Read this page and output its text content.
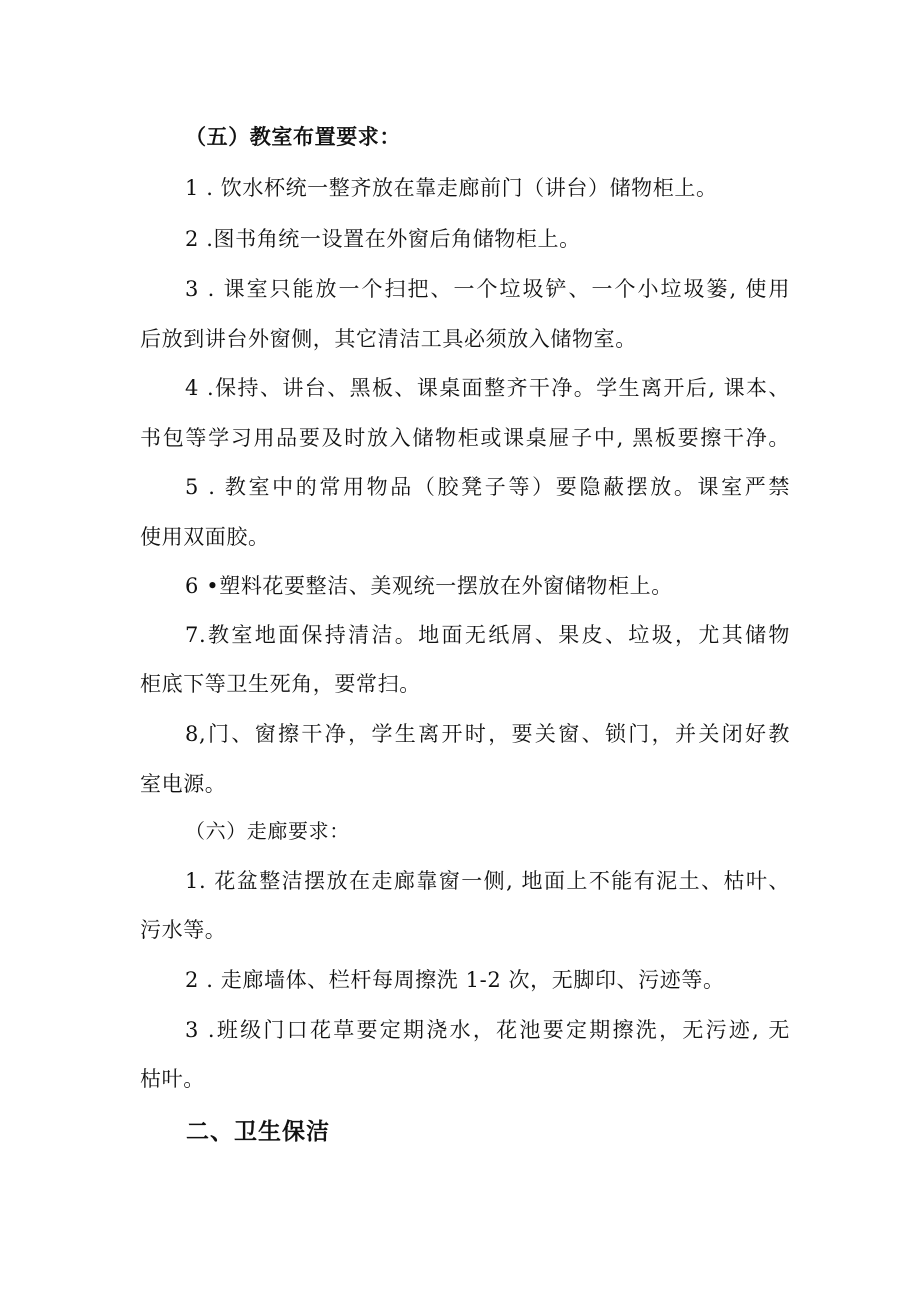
（五）教室布置要求：
1 . 饮水杯统一整齐放在靠走廊前门（讲台）储物柜上。
2 .图书角统一设置在外窗后角储物柜上。
3 . 课室只能放一个扫把、一个垃圾铲、一个小垃圾篓, 使用
后放到讲台外窗侧，其它清洁工具必须放入储物室。
4 .保持、讲台、黑板、课桌面整齐干净。学生离开后, 课本、
书包等学习用品要及时放入储物柜或课桌屉子中, 黑板要擦干净。
5 . 教室中的常用物品（胶凳子等）要隐蔽摆放。课室严禁
使用双面胶。
6 •塑料花要整洁、美观统一摆放在外窗储物柜上。
7.教室地面保持清洁。地面无纸屑、果皮、垃圾，尤其储物
柜底下等卫生死角，要常扫。
8,门、窗擦干净，学生离开时，要关窗、锁门，并关闭好教
室电源。
（六）走廊要求：
1. 花盆整洁摆放在走廊靠窗一侧, 地面上不能有泥土、枯叶、
污水等。
2 . 走廊墙体、栏杆每周擦洗 1-2 次，无脚印、污迹等。
3 .班级门口花草要定期浇水，花池要定期擦洗，无污迹, 无
枯叶。
二、卫生保洁
